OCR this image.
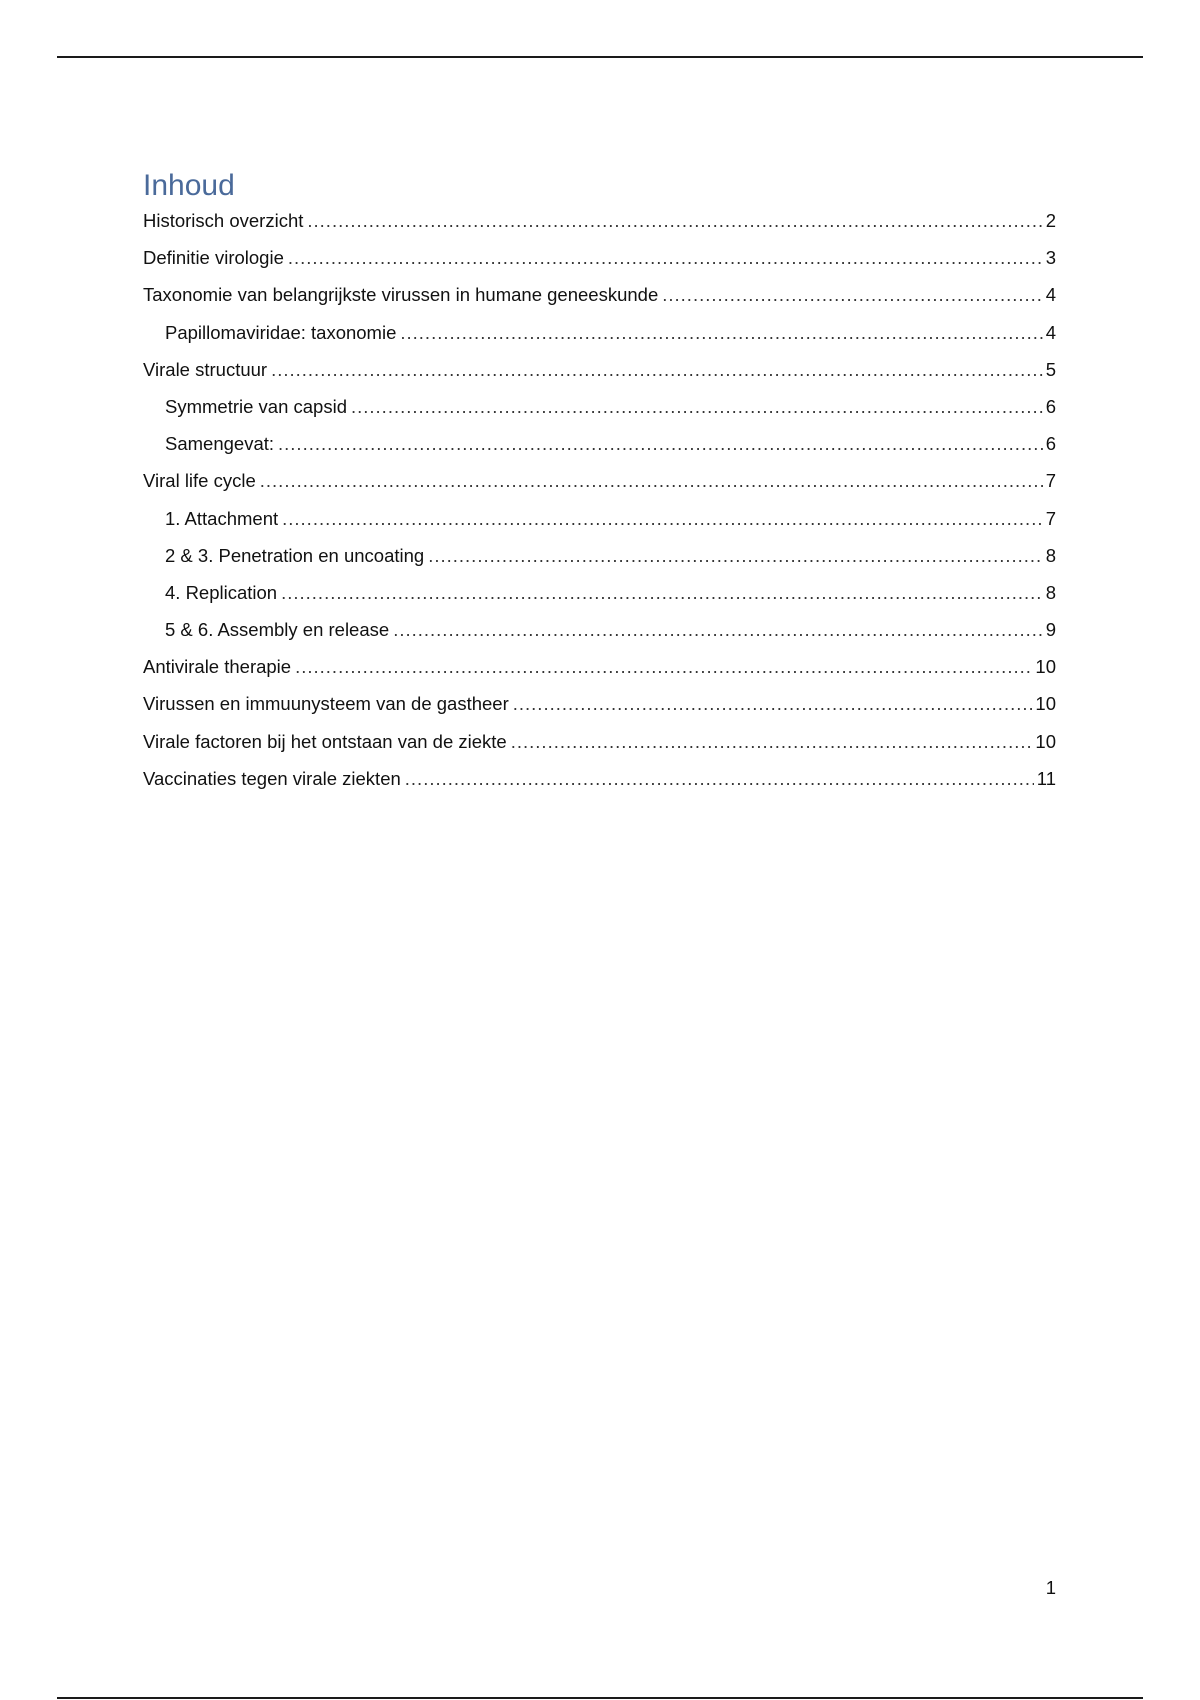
Inhoud
Historisch overzicht .....	2
Definitie virologie .....	3
Taxonomie van belangrijkste virussen in humane geneeskunde .....	4
Papillomaviridae: taxonomie .....	4
Virale structuur .....	5
Symmetrie van capsid .....	6
Samengevat: .....	6
Viral life cycle .....	7
1. Attachment .....	7
2 & 3. Penetration en uncoating .....	8
4. Replication .....	8
5 & 6. Assembly en release .....	9
Antivirale therapie .....	10
Virussen en immuunysteem van de gastheer .....	10
Virale factoren bij het ontstaan van de ziekte .....	10
Vaccinaties tegen virale ziekten .....	11
1
